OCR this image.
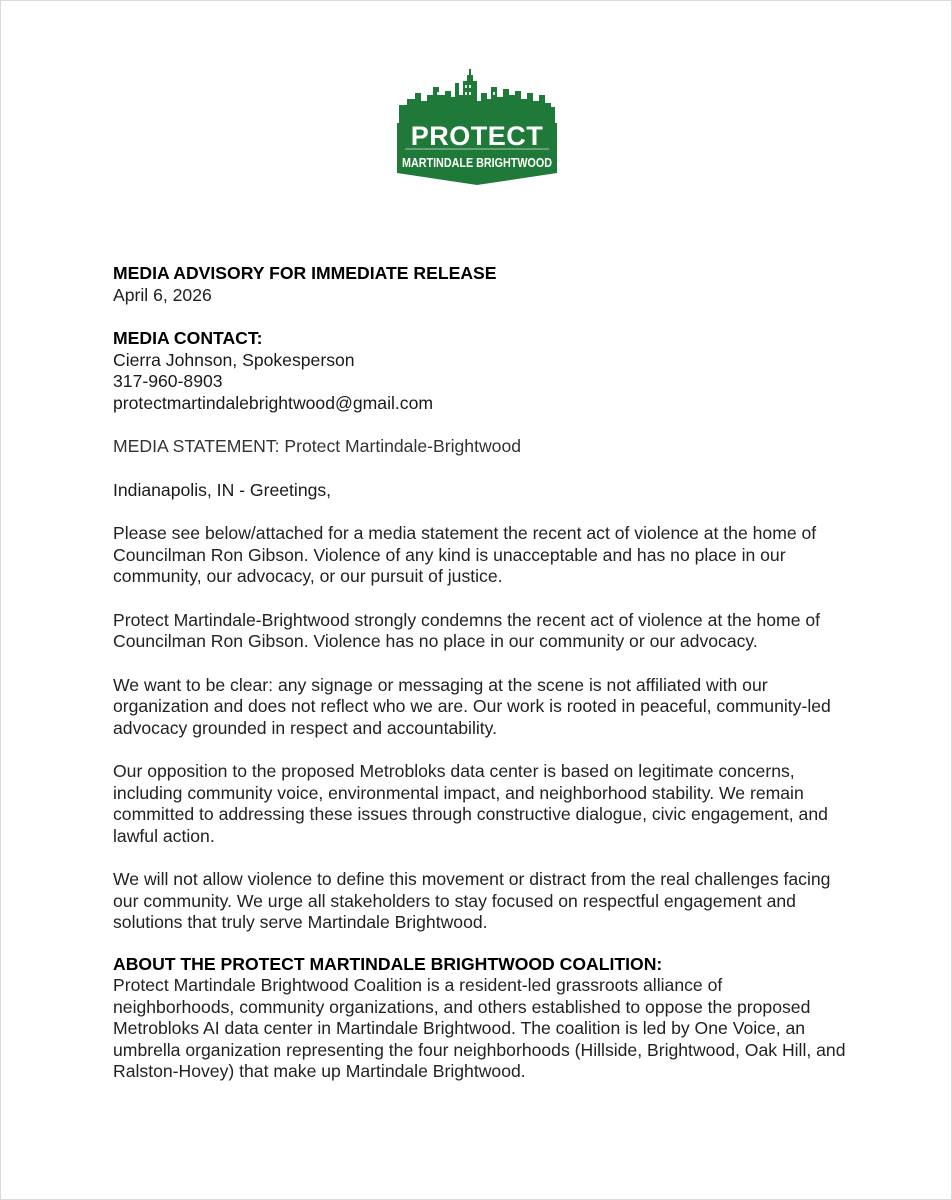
PROTECT
MARTINDALE BRIGHTWOOD

MEDIA ADVISORY FOR IMMEDIATE RELEASE

April 6, 2026

MEDIA CONTACT:

Cierra Johnson, Spokesperson

317-960-8903

protectmartindalebrightwood@gmail.com

MEDIA STATEMENT: Protect Martindale-Brightwood

Indianapolis, IN - Greetings,

Please see below/attached for a media statement the recent act of violence at the home of Councilman Ron Gibson. Violence of any kind is unacceptable and has no place in our community, our advocacy, or our pursuit of justice.

Protect Martindale-Brightwood strongly condemns the recent act of violence at the home of Councilman Ron Gibson. Violence has no place in our community or our advocacy.

We want to be clear: any signage or messaging at the scene is not affiliated with our organization and does not reflect who we are. Our work is rooted in peaceful, community-led advocacy grounded in respect and accountability.

Our opposition to the proposed Metrobloks data center is based on legitimate concerns, including community voice, environmental impact, and neighborhood stability. We remain committed to addressing these issues through constructive dialogue, civic engagement, and lawful action.

We will not allow violence to define this movement or distract from the real challenges facing our community. We urge all stakeholders to stay focused on respectful engagement and solutions that truly serve Martindale Brightwood.

ABOUT THE PROTECT MARTINDALE BRIGHTWOOD COALITION:

Protect Martindale Brightwood Coalition is a resident-led grassroots alliance of neighborhoods, community organizations, and others established to oppose the proposed Metrobloks AI data center in Martindale Brightwood. The coalition is led by One Voice, an umbrella organization representing the four neighborhoods (Hillside, Brightwood, Oak Hill, and Ralston-Hovey) that make up Martindale Brightwood.
